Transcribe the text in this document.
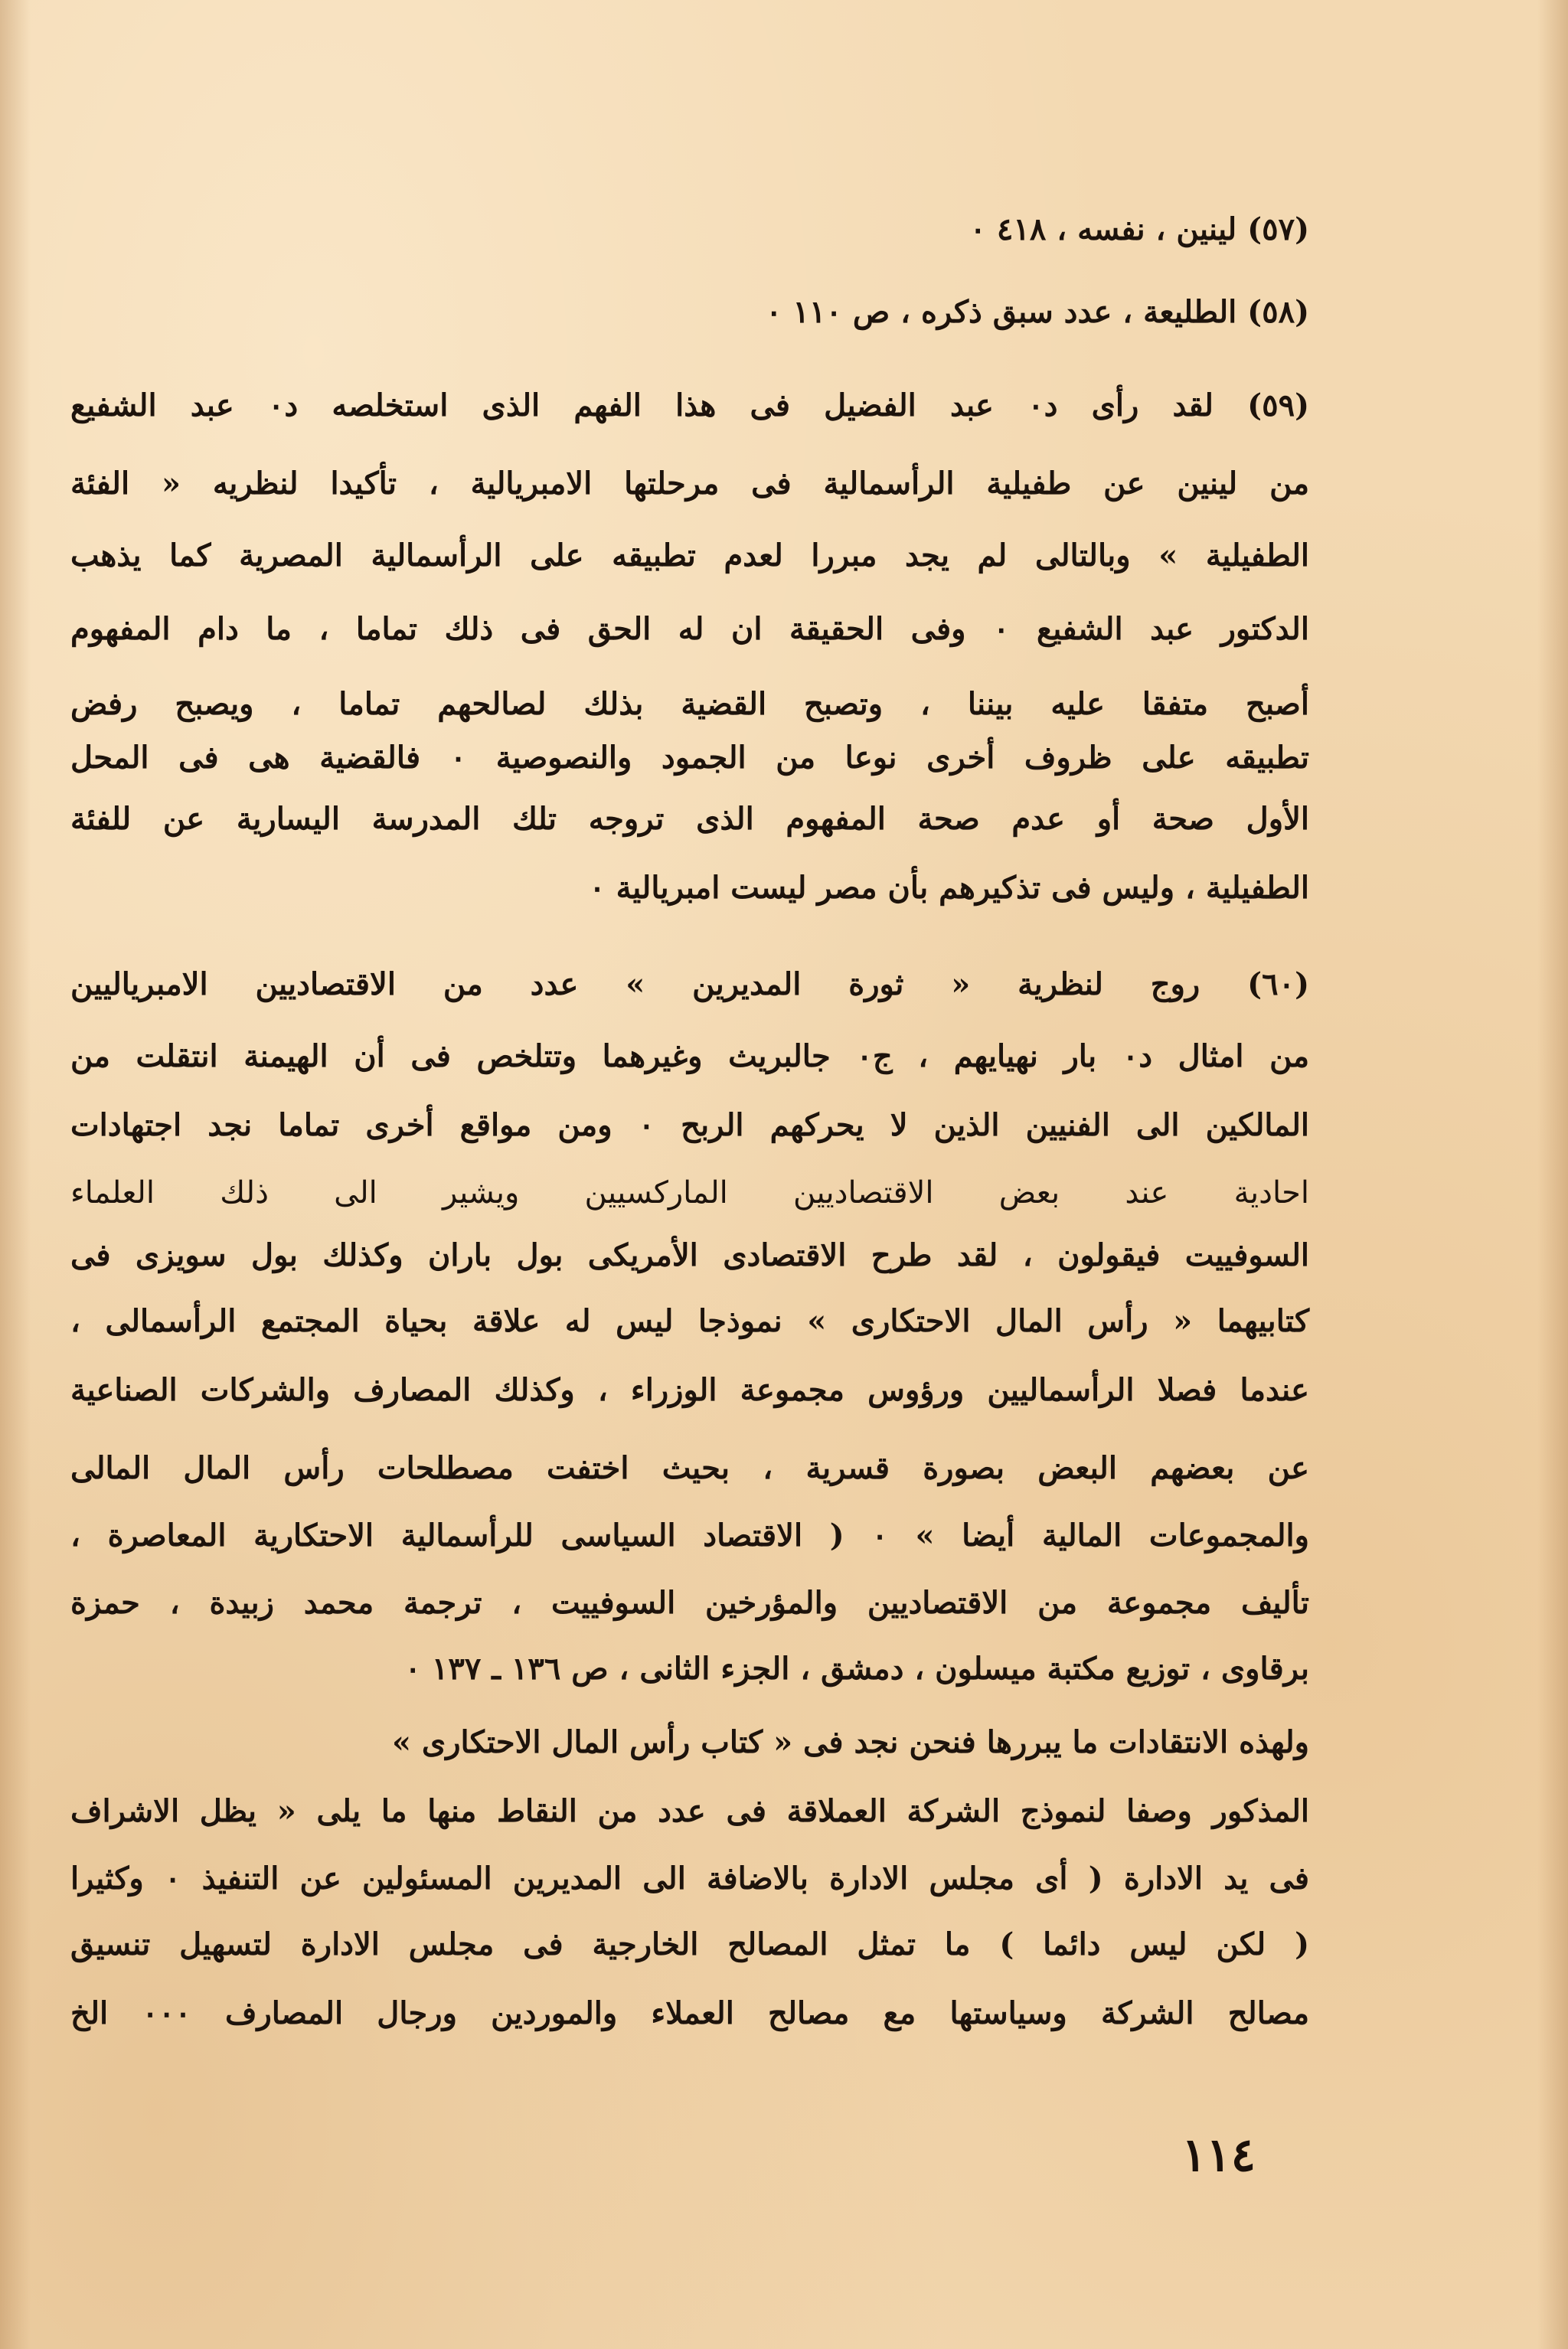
(٥٧) لينين ، نفسه ، ٤١٨ ٠
(٥٨) الطليعة ، عدد سبق ذكره ، ص ١١٠ ٠
(٥٩) لقد رأى د٠ عبد الفضيل فى هذا الفهم الذى استخلصه د٠ عبد الشفيع
من لينين عن طفيلية الرأسمالية فى مرحلتها الامبريالية ، تأكيدا لنظريه « الفئة
الطفيلية » وبالتالى لم يجد مبررا لعدم تطبيقه على الرأسمالية المصرية كما يذهب
الدكتور عبد الشفيع ٠ وفى الحقيقة ان له الحق فى ذلك تماما ، ما دام المفهوم
أصبح متفقا عليه بيننا ، وتصبح القضية بذلك لصالحهم تماما ، ويصبح رفض
تطبيقه على ظروف أخرى نوعا من الجمود والنصوصية ٠ فالقضية هى فى المحل
الأول صحة أو عدم صحة المفهوم الذى تروجه تلك المدرسة اليسارية عن للفئة
الطفيلية ، وليس فى تذكيرهم بأن مصر ليست امبريالية ٠
(٦٠) روج لنظرية « ثورة المديرين » عدد من الاقتصاديين الامبرياليين
من امثال د٠ بار نهيايهم ، ج٠ جالبريث وغيرهما وتتلخص فى أن الهيمنة انتقلت من
المالكين الى الفنيين الذين لا يحركهم الربح ٠ ومن مواقع أخرى تماما نجد اجتهادات
احادية عند بعض الاقتصاديين الماركسيين ويشير الى ذلك العلماء
السوفييت فيقولون ، لقد طرح الاقتصادى الأمريكى بول باران وكذلك بول سويزى فى
كتابيهما « رأس المال الاحتكارى » نموذجا ليس له علاقة بحياة المجتمع الرأسمالى ،
عندما فصلا الرأسماليين ورؤوس مجموعة الوزراء ، وكذلك المصارف والشركات الصناعية
عن بعضهم البعض بصورة قسرية ، بحيث اختفت مصطلحات رأس المال المالى
والمجموعات المالية أيضا » ٠ ( الاقتصاد السياسى للرأسمالية الاحتكارية المعاصرة ،
تأليف مجموعة من الاقتصاديين والمؤرخين السوفييت ، ترجمة محمد زبيدة ، حمزة
برقاوى ، توزيع مكتبة ميسلون ، دمشق ، الجزء الثانى ، ص ١٣٦ ـ ١٣٧ ٠
ولهذه الانتقادات ما يبررها فنحن نجد فى « كتاب رأس المال الاحتكارى »
المذكور وصفا لنموذج الشركة العملاقة فى عدد من النقاط منها ما يلى « يظل الاشراف
فى يد الادارة ( أى مجلس الادارة بالاضافة الى المديرين المسئولين عن التنفيذ ٠ وكثيرا
( لكن ليس دائما ) ما تمثل المصالح الخارجية فى مجلس الادارة لتسهيل تنسيق
مصالح الشركة وسياستها مع مصالح العملاء والموردين ورجال المصارف ٠٠٠ الخ
١١٤
